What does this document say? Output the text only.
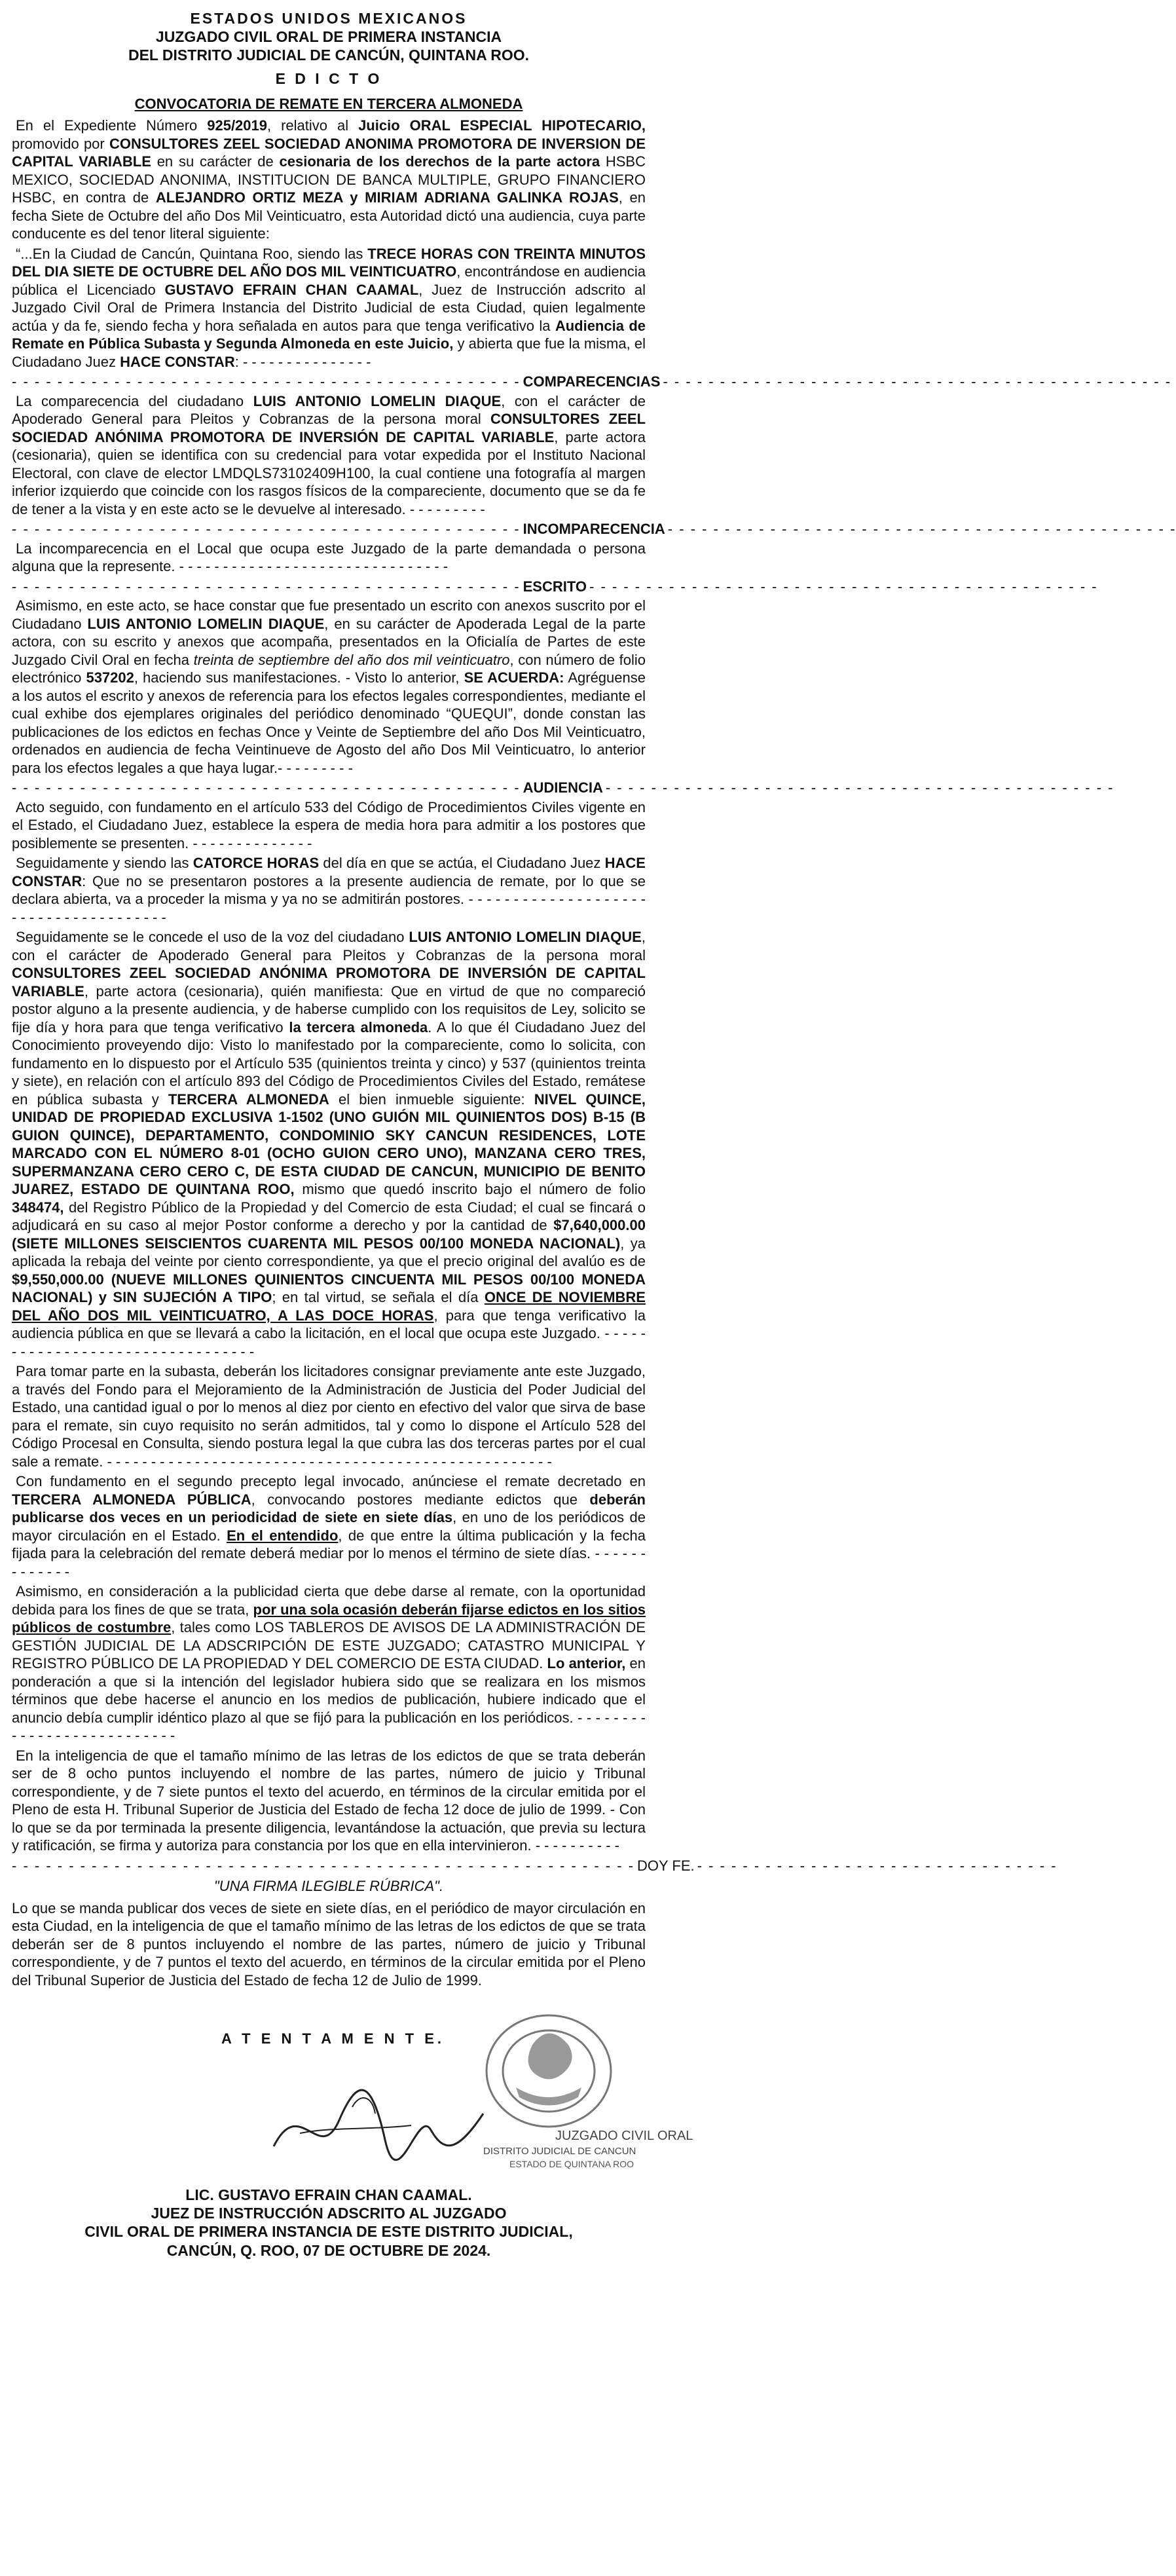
ESTADOS UNIDOS MEXICANOS
JUZGADO CIVIL ORAL DE PRIMERA INSTANCIA
DEL DISTRITO JUDICIAL DE CANCÚN, QUINTANA ROO.
E D I C T O
CONVOCATORIA DE REMATE EN TERCERA ALMONEDA

En el Expediente Número 925/2019, relativo al Juicio ORAL ESPECIAL HIPOTECARIO, promovido por CONSULTORES ZEEL SOCIEDAD ANONIMA PROMOTORA DE INVERSION DE CAPITAL VARIABLE en su carácter de cesionaria de los derechos de la parte actora HSBC MEXICO, SOCIEDAD ANONIMA, INSTITUCION DE BANCA MULTIPLE, GRUPO FINANCIERO HSBC, en contra de ALEJANDRO ORTIZ MEZA y MIRIAM ADRIANA GALINKA ROJAS, en fecha Siete de Octubre del año Dos Mil Veinticuatro, esta Autoridad dictó una audiencia, cuya parte conducente es del tenor literal siguiente:

“...En la Ciudad de Cancún, Quintana Roo, siendo las TRECE HORAS CON TREINTA MINUTOS DEL DIA SIETE DE OCTUBRE DEL AÑO DOS MIL VEINTICUATRO, encontrándose en audiencia pública el Licenciado GUSTAVO EFRAIN CHAN CAAMAL, Juez de Instrucción adscrito al Juzgado Civil Oral de Primera Instancia del Distrito Judicial de esta Ciudad, quien legalmente actúa y da fe, siendo fecha y hora señalada en autos para que tenga verificativo la Audiencia de Remate en Pública Subasta y Segunda Almoneda en este Juicio, y abierta que fue la misma, el Ciudadano Juez HACE CONSTAR: - - - - - - - - - - - - - - -

- - - - - - - - - - - - - - - - - - - - - - - - - - - - - - - - - - - - - - - - - - - - - COMPARECENCIAS - - - - - - - - - - - - - - - - - - - - - - - - - - - - - - - - - - - - - - - - - - - - -

La comparecencia del ciudadano LUIS ANTONIO LOMELIN DIAQUE, con el carácter de Apoderado General para Pleitos y Cobranzas de la persona moral CONSULTORES ZEEL SOCIEDAD ANÓNIMA PROMOTORA DE INVERSIÓN DE CAPITAL VARIABLE, parte actora (cesionaria), quien se identifica con su credencial para votar expedida por el Instituto Nacional Electoral, con clave de elector LMDQLS73102409H100, la cual contiene una fotografía al margen inferior izquierdo que coincide con los rasgos físicos de la compareciente, documento que se da fe de tener a la vista y en este acto se le devuelve al interesado. - - - - - - - - -

- - - - - - - - - - - - - - - - - - - - - - - - - - - - - - - - - - - - - - - - - - - - - INCOMPARECENCIA - - - - - - - - - - - - - - - - - - - - - - - - - - - - - - - - - - - - - - - - - - - - -

La incomparecencia en el Local que ocupa este Juzgado de la parte demandada o persona alguna que la represente. - - - - - - - - - - - - - - - - - - - - - - - - - - - - - - -

- - - - - - - - - - - - - - - - - - - - - - - - - - - - - - - - - - - - - - - - - - - - - ESCRITO - - - - - - - - - - - - - - - - - - - - - - - - - - - - - - - - - - - - - - - - - - - - -

Asimismo, en este acto, se hace constar que fue presentado un escrito con anexos suscrito por el Ciudadano LUIS ANTONIO LOMELIN DIAQUE, en su carácter de Apoderada Legal de la parte actora, con su escrito y anexos que acompaña, presentados en la Oficialía de Partes de este Juzgado Civil Oral en fecha treinta de septiembre del año dos mil veinticuatro, con número de folio electrónico 537202, haciendo sus manifestaciones. - Visto lo anterior, SE ACUERDA: Agréguense a los autos el escrito y anexos de referencia para los efectos legales correspondientes, mediante el cual exhibe dos ejemplares originales del periódico denominado “QUEQUI”, donde constan las publicaciones de los edictos en fechas Once y Veinte de Septiembre del año Dos Mil Veinticuatro, ordenados en audiencia de fecha Veintinueve de Agosto del año Dos Mil Veinticuatro, lo anterior para los efectos legales a que haya lugar.- - - - - - - - -

- - - - - - - - - - - - - - - - - - - - - - - - - - - - - - - - - - - - - - - - - - - - - AUDIENCIA - - - - - - - - - - - - - - - - - - - - - - - - - - - - - - - - - - - - - - - - - - - - -

Acto seguido, con fundamento en el artículo 533 del Código de Procedimientos Civiles vigente en el Estado, el Ciudadano Juez, establece la espera de media hora para admitir a los postores que posiblemente se presenten. - - - - - - - - - - - - - -

Seguidamente y siendo las CATORCE HORAS del día en que se actúa, el Ciudadano Juez HACE CONSTAR: Que no se presentaron postores a la presente audiencia de remate, por lo que se declara abierta, va a proceder la misma y ya no se admitirán postores. - - - - - - - - - - - - - - - - - - - - - - - - - - - - - - - - - - - - - -

Seguidamente se le concede el uso de la voz del ciudadano LUIS ANTONIO LOMELIN DIAQUE, con el carácter de Apoderado General para Pleitos y Cobranzas de la persona moral CONSULTORES ZEEL SOCIEDAD ANÓNIMA PROMOTORA DE INVERSIÓN DE CAPITAL VARIABLE, parte actora (cesionaria), quién manifiesta: Que en virtud de que no compareció postor alguno a la presente audiencia, y de haberse cumplido con los requisitos de Ley, solicito se fije día y hora para que tenga verificativo la tercera almoneda. A lo que él Ciudadano Juez del Conocimiento proveyendo dijo: Visto lo manifestado por la compareciente, como lo solicita, con fundamento en lo dispuesto por el Artículo 535 (quinientos treinta y cinco) y 537 (quinientos treinta y siete), en relación con el artículo 893 del Código de Procedimientos Civiles del Estado, remátese en pública subasta y TERCERA ALMONEDA el bien inmueble siguiente: NIVEL QUINCE, UNIDAD DE PROPIEDAD EXCLUSIVA 1-1502 (UNO GUIÓN MIL QUINIENTOS DOS) B-15 (B GUION QUINCE), DEPARTAMENTO, CONDOMINIO SKY CANCUN RESIDENCES, LOTE MARCADO CON EL NÚMERO 8-01 (OCHO GUION CERO UNO), MANZANA CERO TRES, SUPERMANZANA CERO CERO C, DE ESTA CIUDAD DE CANCUN, MUNICIPIO DE BENITO JUAREZ, ESTADO DE QUINTANA ROO, mismo que quedó inscrito bajo el número de folio 348474, del Registro Público de la Propiedad y del Comercio de esta Ciudad; el cual se fincará o adjudicará en su caso al mejor Postor conforme a derecho y por la cantidad de $7,640,000.00 (SIETE MILLONES SEISCIENTOS CUARENTA MIL PESOS 00/100 MONEDA NACIONAL), ya aplicada la rebaja del veinte por ciento correspondiente, ya que el precio original del avalúo es de $9,550,000.00 (NUEVE MILLONES QUINIENTOS CINCUENTA MIL PESOS 00/100 MONEDA NACIONAL) y SIN SUJECIÓN A TIPO; en tal virtud, se señala el día ONCE DE NOVIEMBRE DEL AÑO DOS MIL VEINTICUATRO, A LAS DOCE HORAS, para que tenga verificativo la audiencia pública en que se llevará a cabo la licitación, en el local que ocupa este Juzgado. - - - - - - - - - - - - - - - - - - - - - - - - - - - - - - - - -

Para tomar parte en la subasta, deberán los licitadores consignar previamente ante este Juzgado, a través del Fondo para el Mejoramiento de la Administración de Justicia del Poder Judicial del Estado, una cantidad igual o por lo menos al diez por ciento en efectivo del valor que sirva de base para el remate, sin cuyo requisito no serán admitidos, tal y como lo dispone el Artículo 528 del Código Procesal en Consulta, siendo postura legal la que cubra las dos terceras partes por el cual sale a remate. - - - - - - - - - - - - - - - - - - - - - - - - - - - - - - - - - - - - - - - - - - - - - - - - - - -

Con fundamento en el segundo precepto legal invocado, anúnciese el remate decretado en TERCERA ALMONEDA PÚBLICA, convocando postores mediante edictos que deberán publicarse dos veces en un periodicidad de siete en siete días, en uno de los periódicos de mayor circulación en el Estado. En el entendido, de que entre la última publicación y la fecha fijada para la celebración del remate deberá mediar por lo menos el término de siete días. - - - - - - - - - - - - -

Asimismo, en consideración a la publicidad cierta que debe darse al remate, con la oportunidad debida para los fines de que se trata, por una sola ocasión deberán fijarse edictos en los sitios públicos de costumbre, tales como LOS TABLEROS DE AVISOS DE LA ADMINISTRACIÓN DE GESTIÓN JUDICIAL DE LA ADSCRIPCIÓN DE ESTE JUZGADO; CATASTRO MUNICIPAL Y REGISTRO PÚBLICO DE LA PROPIEDAD Y DEL COMERCIO DE ESTA CIUDAD. Lo anterior, en ponderación a que si la intención del legislador hubiera sido que se realizara en los mismos términos que debe hacerse el anuncio en los medios de publicación, hubiere indicado que el anuncio debía cumplir idéntico plazo al que se fijó para la publicación en los periódicos. - - - - - - - - - - - - - - - - - - - - - - - - - - -

En la inteligencia de que el tamaño mínimo de las letras de los edictos de que se trata deberán ser de 8 ocho puntos incluyendo el nombre de las partes, número de juicio y Tribunal correspondiente, y de 7 siete puntos el texto del acuerdo, en términos de la circular emitida por el Pleno de esta H. Tribunal Superior de Justicia del Estado de fecha 12 doce de julio de 1999. - Con lo que se da por terminada la presente diligencia, levantándose la actuación, que previa su lectura y ratificación, se firma y autoriza para constancia por los que en ella intervinieron. - - - - - - - - - -

- - - - - - - - - - - - - - - - - - - - - - - - - - - - - - - - - - - - - - - - - - - - - - - - - - - - - - - DOY FE. - - - - - - - - - - - - - - - - - - - - - - - - - - - - - - - -
"UNA FIRMA ILEGIBLE RÚBRICA".

Lo que se manda publicar dos veces de siete en siete días, en el periódico de mayor circulación en esta Ciudad, en la inteligencia de que el tamaño mínimo de las letras de los edictos de que se trata deberán ser de 8 puntos incluyendo el nombre de las partes, número de juicio y Tribunal correspondiente, y de 7 puntos el texto del acuerdo, en términos de la circular emitida por el Pleno del Tribunal Superior de Justicia del Estado de fecha 12 de Julio de 1999.

A T E N T A M E N T E.
JUZGADO CIVIL ORAL
DISTRITO JUDICIAL DE CANCUN
ESTADO DE QUINTANA ROO
LIC. GUSTAVO EFRAIN CHAN CAAMAL.
JUEZ DE INSTRUCCIÓN ADSCRITO AL JUZGADO
CIVIL ORAL DE PRIMERA INSTANCIA DE ESTE DISTRITO JUDICIAL,
CANCÚN, Q. ROO, 07 DE OCTUBRE DE 2024.
